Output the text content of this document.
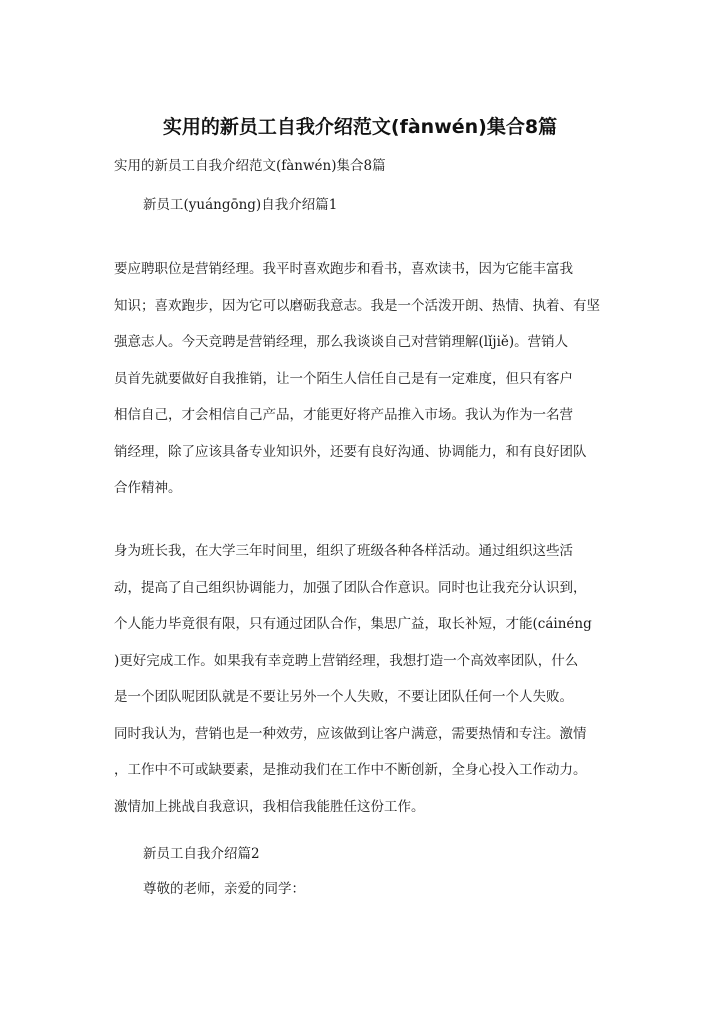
实用的新员工自我介绍范文(fànwén)集合8篇
实用的新员工自我介绍范文(fànwén)集合8篇
新员工(yuángōng)自我介绍篇1
要应聘职位是营销经理。我平时喜欢跑步和看书，喜欢读书，因为它能丰富我
知识；喜欢跑步，因为它可以磨砺我意志。我是一个活泼开朗、热情、执着、有坚
强意志人。今天竞聘是营销经理，那么我谈谈自己对营销理解(lǐjiě)。营销人
员首先就要做好自我推销，让一个陌生人信任自己是有一定难度，但只有客户
相信自己，才会相信自己产品，才能更好将产品推入市场。我认为作为一名营
销经理，除了应该具备专业知识外，还要有良好沟通、协调能力，和有良好团队
合作精神。
身为班长我，在大学三年时间里，组织了班级各种各样活动。通过组织这些活
动，提高了自己组织协调能力，加强了团队合作意识。同时也让我充分认识到，
个人能力毕竟很有限，只有通过团队合作，集思广益，取长补短，才能(cáinéng
)更好完成工作。如果我有幸竞聘上营销经理，我想打造一个高效率团队，什么
是一个团队呢团队就是不要让另外一个人失败，不要让团队任何一个人失败。
同时我认为，营销也是一种效劳，应该做到让客户满意，需要热情和专注。激情
，工作中不可或缺要素，是推动我们在工作中不断创新，全身心投入工作动力。
激情加上挑战自我意识，我相信我能胜任这份工作。
新员工自我介绍篇2
尊敬的老师，亲爱的同学：
